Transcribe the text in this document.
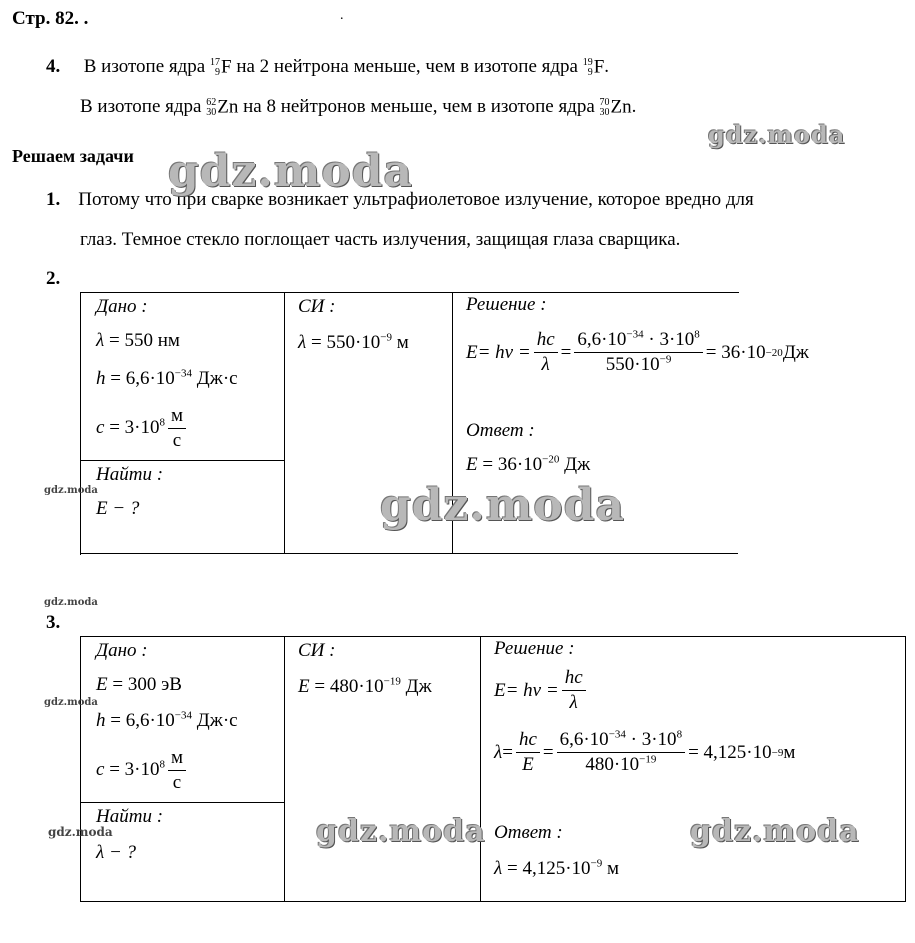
Стр. 82. .	.
4. В изотопе ядра 17
9 F на 2 нейтрона меньше, чем в изотопе ядра 19
9 F.
В изотопе ядра 62
30 Zn на 8 нейтронов меньше, чем в изотопе ядра 70
30 Zn.
Решаем задачи
1. Потому что при сварке возникает ультрафиолетовое излучение, которое вредно для
глаз. Темное стекло поглощает часть излучения, защищая глаза сварщика.
2.
Дано :
λ = 550 нм
$h = 6,6\cdot 10^{-34}$ Дж·с
$c = 3\cdot 10^8 \frac{м}{с}$
Найти :
E − ?
СИ :
$\lambda = 550\cdot 10^{-9}$ м
Решение :
$E = h\nu = \frac{hc}{\lambda} = \frac{6,6\cdot 10^{-34} \cdot 3\cdot 10^8}{550\cdot 10^{-9}} = 36\cdot 10 -20$ Дж
Ответ :
$E = 36\cdot 10^{-20}$ Дж
3.
Дано :
E = 300 эВ
$h = 6,6\cdot 10^{-34}$ Дж·с
$c = 3\cdot 10^8 \frac{м}{с}$
Найти :
λ − ?
СИ :
$E = 480\cdot 10^{-19}$ Дж
Решение :
$E = h\nu = \frac{hc}{\lambda}$
$\lambda = \frac{hc}{E} = \frac{6,6\cdot 10^{-34} \cdot 3\cdot 10^8}{480\cdot 10^{-19}} = 4,125\cdot 10 -9$ м
Ответ :
$\lambda = 4,125\cdot 10^{-9}$ м
gdz.moda
gdz.moda
gdz.moda
gdz.moda	gdz.moda
gdz.moda
gdz.moda
gdz.moda
gdz.moda
